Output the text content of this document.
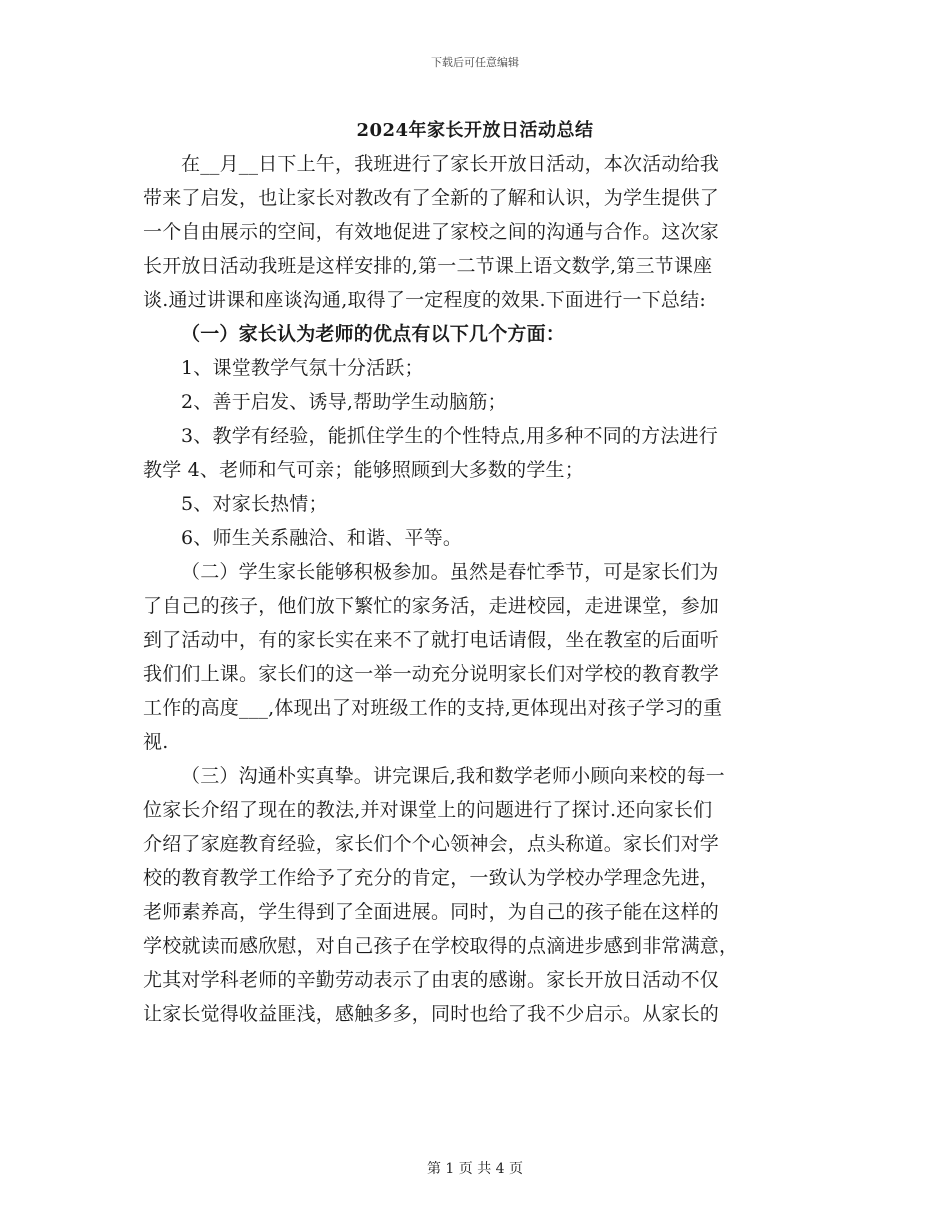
下载后可任意编辑
2024年家长开放日活动总结
在__月__日下上午，我班进行了家长开放日活动，本次活动给我
带来了启发，也让家长对教改有了全新的了解和认识，为学生提供了
一个自由展示的空间，有效地促进了家校之间的沟通与合作。这次家
长开放日活动我班是这样安排的,第一二节课上语文数学,第三节课座
谈.通过讲课和座谈沟通,取得了一定程度的效果.下面进行一下总结:
（一）家长认为老师的优点有以下几个方面：
1、课堂教学气氛十分活跃；
2、善于启发、诱导,帮助学生动脑筋；
3、教学有经验，能抓住学生的个性特点,用多种不同的方法进行
教学 4、老师和气可亲；能够照顾到大多数的学生；
5、对家长热情；
6、师生关系融洽、和谐、平等。
（二）学生家长能够积极参加。虽然是春忙季节，可是家长们为
了自己的孩子，他们放下繁忙的家务活，走进校园，走进课堂，参加
到了活动中，有的家长实在来不了就打电话请假，坐在教室的后面听
我们们上课。家长们的这一举一动充分说明家长们对学校的教育教学
工作的高度___,体现出了对班级工作的支持,更体现出对孩子学习的重
视.
（三）沟通朴实真挚。讲完课后,我和数学老师小顾向来校的每一
位家长介绍了现在的教法,并对课堂上的问题进行了探讨.还向家长们
介绍了家庭教育经验，家长们个个心领神会，点头称道。家长们对学
校的教育教学工作给予了充分的肯定，一致认为学校办学理念先进，
老师素养高，学生得到了全面进展。同时，为自己的孩子能在这样的
学校就读而感欣慰，对自己孩子在学校取得的点滴进步感到非常满意，
尤其对学科老师的辛勤劳动表示了由衷的感谢。家长开放日活动不仅
让家长觉得收益匪浅，感触多多，同时也给了我不少启示。从家长的
第 1 页 共 4 页
